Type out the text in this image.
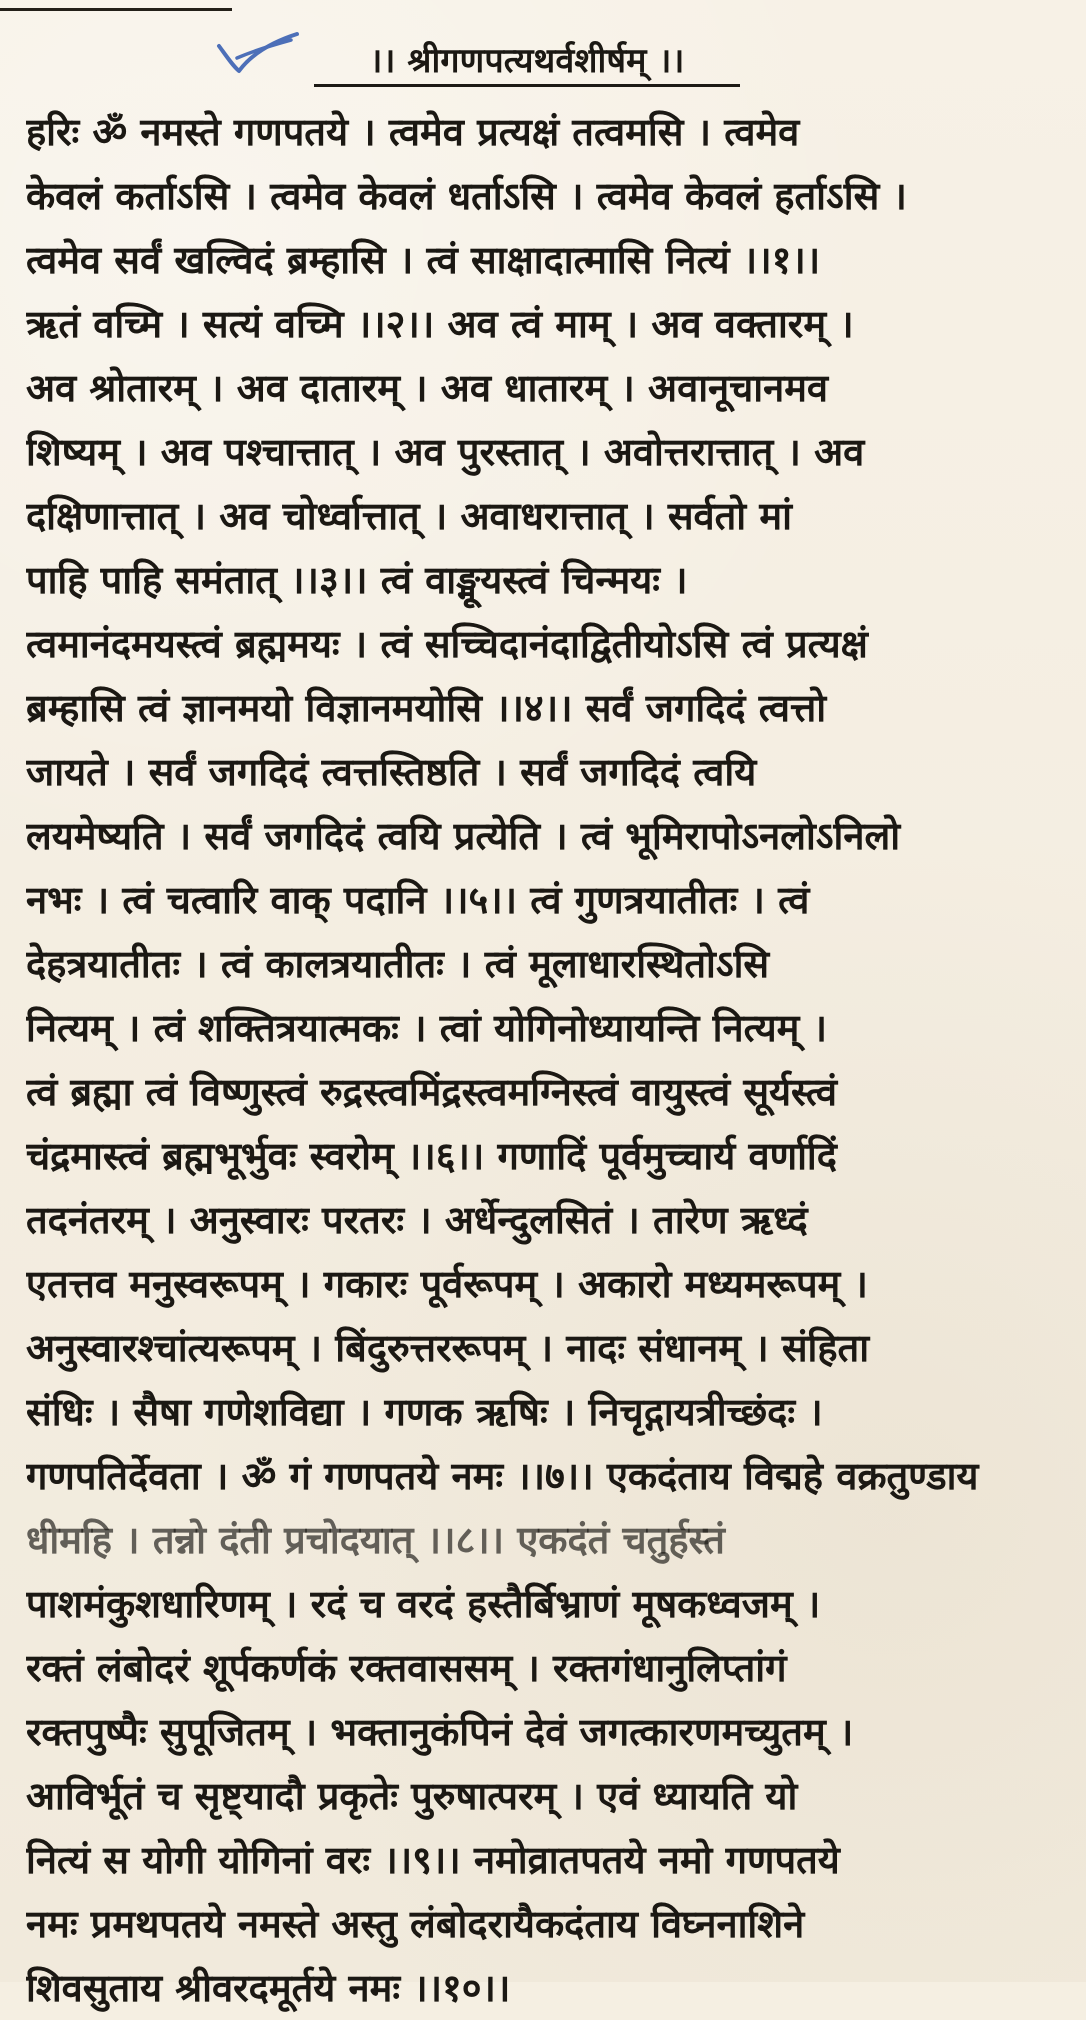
।। श्रीगणपत्यथर्वशीर्षम् ।।
हरिः ॐ नमस्ते गणपतये । त्वमेव प्रत्यक्षं तत्वमसि । त्वमेव
केवलं कर्ताऽसि । त्वमेव केवलं धर्ताऽसि । त्वमेव केवलं हर्ताऽसि ।
त्वमेव सर्वं खल्विदं ब्रम्हासि । त्वं साक्षादात्मासि नित्यं ।।१।।
ऋतं वच्मि । सत्यं वच्मि ।।२।। अव त्वं माम् । अव वक्तारम् ।
अव श्रोतारम् । अव दातारम् । अव धातारम् । अवानूचानमव
शिष्यम् । अव पश्चात्तात् । अव पुरस्तात् । अवोत्तरात्तात् । अव
दक्षिणात्तात् । अव चोर्ध्वात्तात् । अवाधरात्तात् । सर्वतो मां
पाहि पाहि समंतात् ।।३।। त्वं वाङ्मूयस्त्वं चिन्मयः ।
त्वमानंदमयस्त्वं ब्रह्ममयः । त्वं सच्चिदानंदाद्वितीयोऽसि त्वं प्रत्यक्षं
ब्रम्हासि त्वं ज्ञानमयो विज्ञानमयोसि ।।४।। सर्वं जगदिदं त्वत्तो
जायते । सर्वं जगदिदं त्वत्तस्तिष्ठति । सर्वं जगदिदं त्वयि
लयमेष्यति । सर्वं जगदिदं त्वयि प्रत्येति । त्वं भूमिरापोऽनलोऽनिलो
नभः । त्वं चत्वारि वाक् पदानि ।।५।। त्वं गुणत्रयातीतः । त्वं
देहत्रयातीतः । त्वं कालत्रयातीतः । त्वं मूलाधारस्थितोऽसि
नित्यम् । त्वं शक्तित्रयात्मकः । त्वां योगिनोध्यायन्ति नित्यम् ।
त्वं ब्रह्मा त्वं विष्णुस्त्वं रुद्रस्त्वमिंद्रस्त्वमग्निस्त्वं वायुस्त्वं सूर्यस्त्वं
चंद्रमास्त्वं ब्रह्मभूर्भुवः स्वरोम् ।।६।। गणादिं पूर्वमुच्चार्य वर्णादिं
तदनंतरम् । अनुस्वारः परतरः । अर्धेन्दुलसितं । तारेण ऋध्दं
एतत्तव मनुस्वरूपम् । गकारः पूर्वरूपम् । अकारो मध्यमरूपम् ।
अनुस्वारश्चांत्यरूपम् । बिंदुरुत्तररूपम् । नादः संधानम् । संहिता
संधिः । सैषा गणेशविद्या । गणक ऋषिः । निचृद्गायत्रीच्छंदः ।
गणपतिर्देवता । ॐ गं गणपतये नमः ।।७।। एकदंताय विद्महे वक्रतुण्डाय
धीमहि । तन्नो दंती प्रचोदयात् ।।८।। एकदंतं चतुर्हस्तं
पाशमंकुशधारिणम् । रदं च वरदं हस्तैर्बिभ्राणं मूषकध्वजम् ।
रक्तं लंबोदरं शूर्पकर्णकं रक्तवाससम् । रक्तगंधानुलिप्तांगं
रक्तपुष्पैः सुपूजितम् । भक्तानुकंपिनं देवं जगत्कारणमच्युतम् ।
आविर्भूतं च सृष्ट्यादौ प्रकृतेः पुरुषात्परम् । एवं ध्यायति यो
नित्यं स योगी योगिनां वरः ।।९।। नमोव्रातपतये नमो गणपतये
नमः प्रमथपतये नमस्ते अस्तु लंबोदरायैकदंताय विघ्ननाशिने
शिवसुताय श्रीवरदमूर्तये नमः ।।१०।।
